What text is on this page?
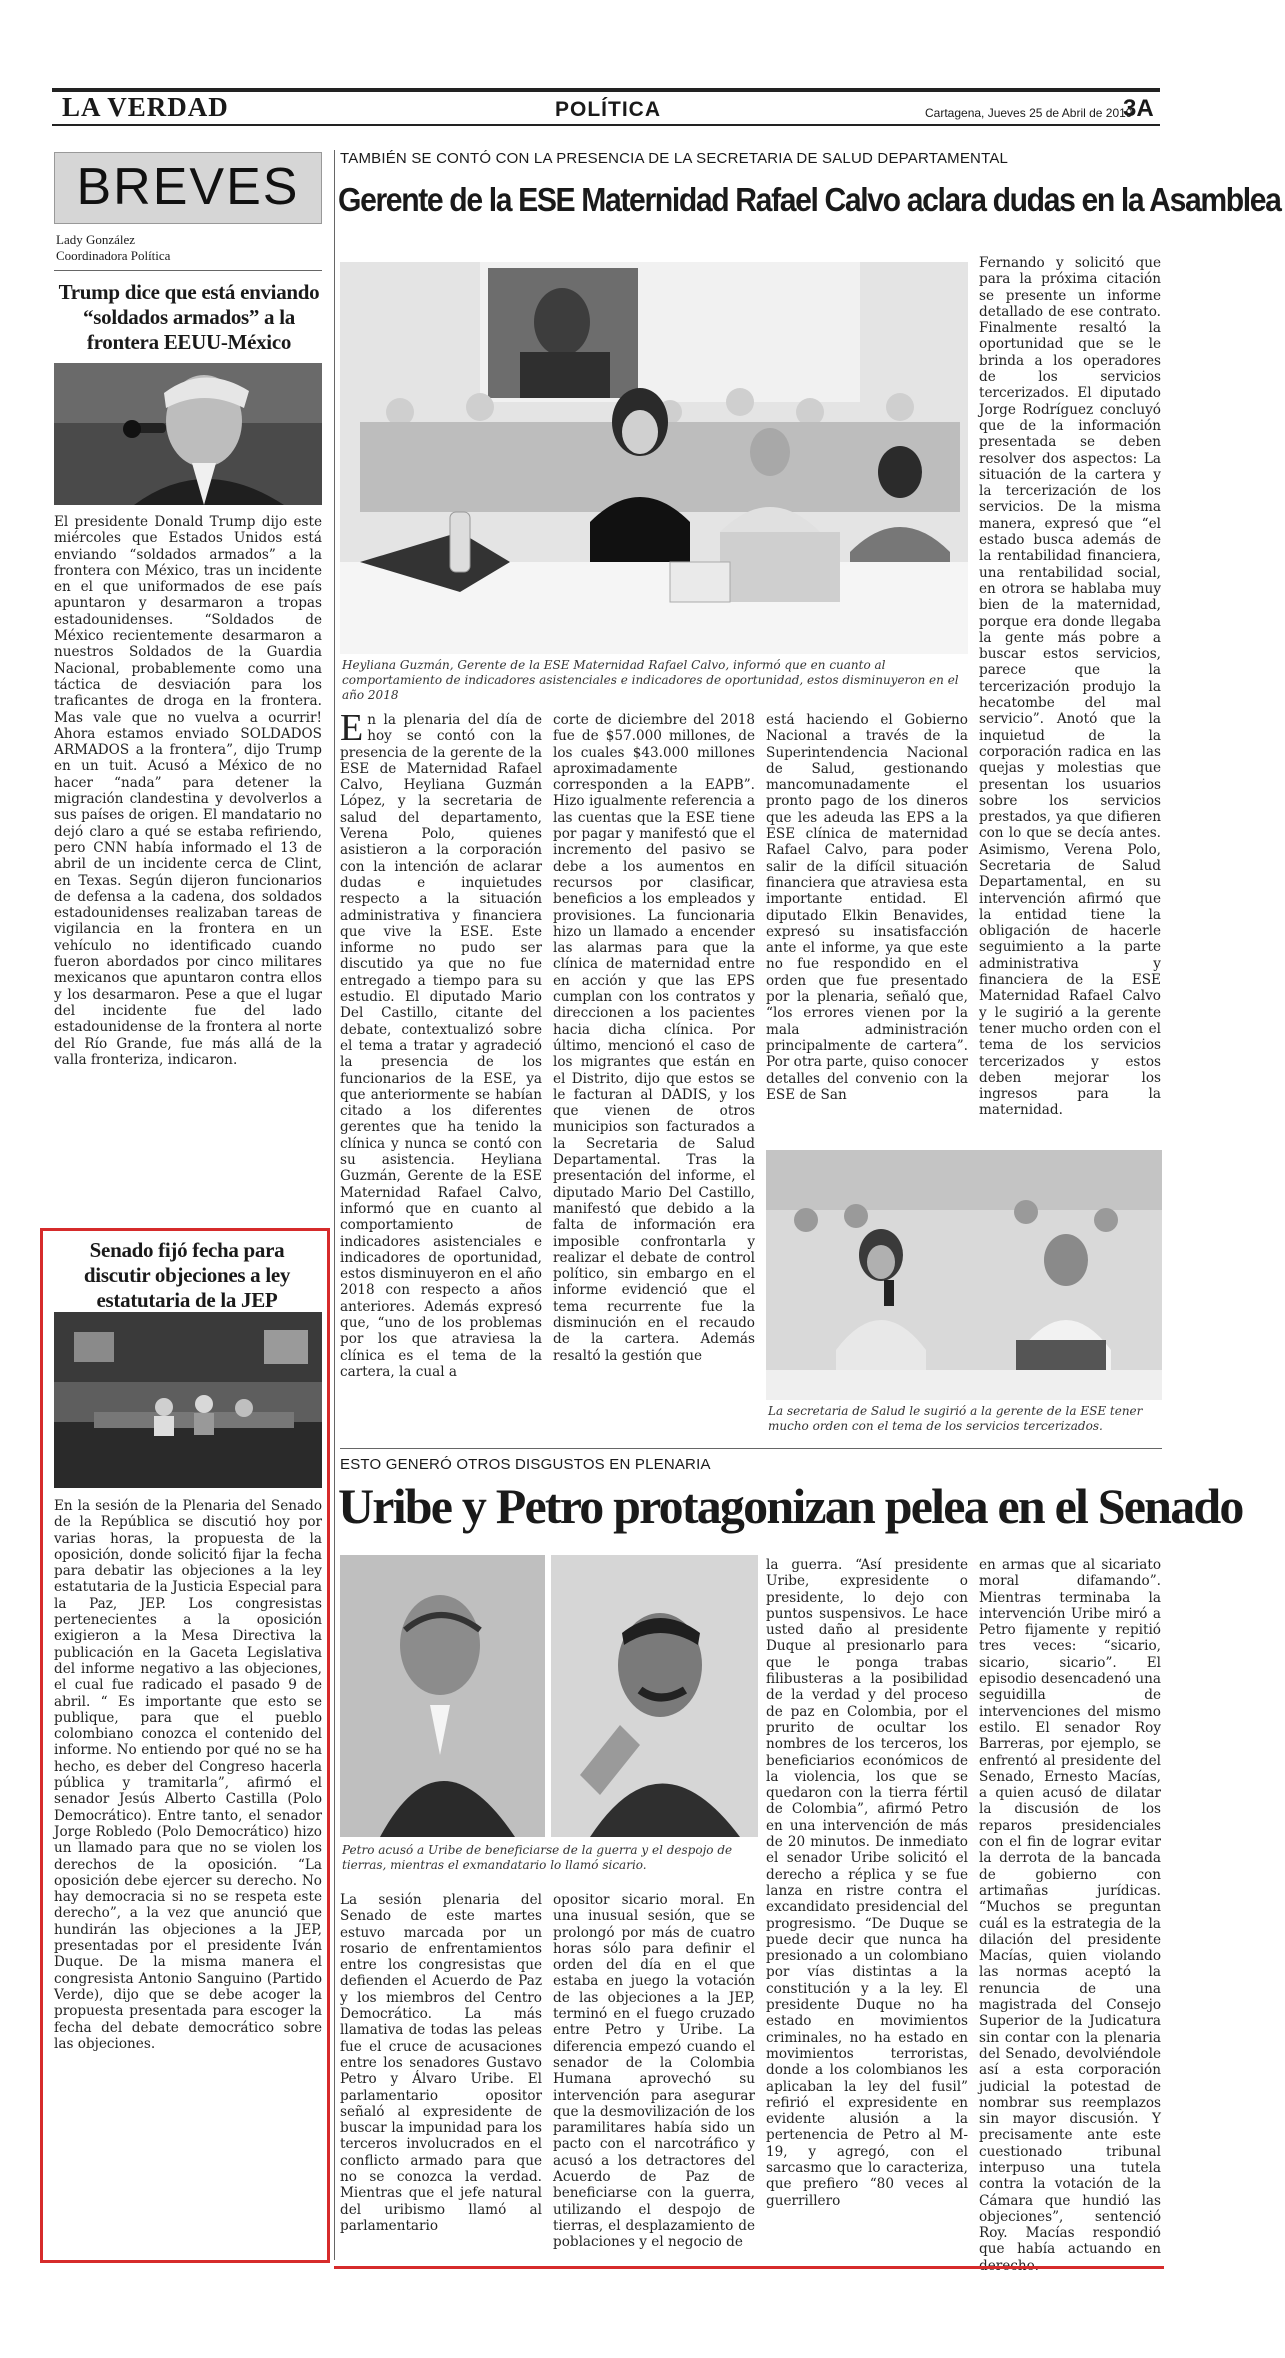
LA VERDAD	POLÍTICA	Cartagena, Jueves 25 de Abril de 2019
3A
BREVES
Lady González
Coordinadora Política
Trump dice que está enviando “soldados armados” a la frontera EEUU-México
El presidente Donald Trump dijo este miércoles que Estados Unidos está enviando “soldados armados” a la frontera con México, tras un incidente en el que uniformados de ese país apuntaron y desarmaron a tropas estadounidenses. “Soldados de México recientemente desarmaron a nuestros Soldados de la Guardia Nacional, probablemente como una táctica de desviación para los traficantes de droga en la frontera. Mas vale que no vuelva a ocurrir! Ahora estamos enviado SOLDADOS ARMADOS a la frontera”, dijo Trump en un tuit. Acusó a México de no hacer “nada” para detener la migración clandestina y devolverlos a sus países de origen. El mandatario no dejó claro a qué se estaba refiriendo, pero CNN había informado el 13 de abril de un incidente cerca de Clint, en Texas. Según dijeron funcionarios de defensa a la cadena, dos soldados estadounidenses realizaban tareas de vigilancia en la frontera en un vehículo no identificado cuando fueron abordados por cinco militares mexicanos que apuntaron contra ellos y los desarmaron. Pese a que el lugar del incidente fue del lado estadounidense de la frontera al norte del Río Grande, fue más allá de la valla fronteriza, indicaron.
Senado fijó fecha para discutir objeciones a ley estatutaria de la JEP
En la sesión de la Plenaria del Senado de la República se discutió hoy por varias horas, la propuesta de la oposición, donde solicitó fijar la fecha para debatir las objeciones a la ley estatutaria de la Justicia Especial para la Paz, JEP. Los congresistas pertenecientes a la oposición exigieron a la Mesa Directiva la publicación en la Gaceta Legislativa del informe negativo a las objeciones, el cual fue radicado el pasado 9 de abril. “ Es importante que esto se publique, para que el pueblo colombiano conozca el contenido del informe. No entiendo por qué no se ha hecho, es deber del Congreso hacerla pública y tramitarla”, afirmó el senador Jesús Alberto Castilla (Polo Democrático). Entre tanto, el senador Jorge Robledo (Polo Democrático) hizo un llamado para que no se violen los derechos de la oposición. “La oposición debe ejercer su derecho. No hay democracia si no se respeta este derecho”, a la vez que anunció que hundirán las objeciones a la JEP, presentadas por el presidente Iván Duque. De la misma manera el congresista Antonio Sanguino (Partido Verde), dijo que se debe acoger la propuesta presentada para escoger la fecha del debate democrático sobre las objeciones.
TAMBIÉN SE CONTÓ CON LA PRESENCIA DE LA SECRETARIA DE SALUD DEPARTAMENTAL
Gerente de la ESE Maternidad Rafael Calvo aclara dudas en la Asamblea
Heyliana Guzmán, Gerente de la ESE Maternidad Rafael Calvo, informó que en cuanto al comportamiento de indicadores asistenciales e indicadores de oportunidad, estos disminuyeron en el año 2018
En la plenaria del día de hoy se contó con la presencia de la gerente de la ESE de Maternidad Rafael Calvo, Heyliana Guzmán López, y la secretaria de salud del departamento, Verena Polo, quienes asistieron a la corporación con la intención de aclarar dudas e inquietudes respecto a la situación administrativa y financiera que vive la ESE. Este informe no pudo ser discutido ya que no fue entregado a tiempo para su estudio. El diputado Mario Del Castillo, citante del debate, contextualizó sobre el tema a tratar y agradeció la presencia de los funcionarios de la ESE, ya que anteriormente se habían citado a los diferentes gerentes que ha tenido la clínica y nunca se contó con su asistencia. Heyliana Guzmán, Gerente de la ESE Maternidad Rafael Calvo, informó que en cuanto al comportamiento de indicadores asistenciales e indicadores de oportunidad, estos disminuyeron en el año 2018 con respecto a años anteriores. Además expresó que, “uno de los problemas por los que atraviesa la clínica es el tema de la cartera, la cual a
corte de diciembre del 2018 fue de $57.000 millones, de los cuales $43.000 millones aproximadamente corresponden a la EAPB”. Hizo igualmente referencia a las cuentas que la ESE tiene por pagar y manifestó que el incremento del pasivo se debe a los aumentos en recursos por clasificar, beneficios a los empleados y provisiones. La funcionaria hizo un llamado a encender las alarmas para que la clínica de maternidad entre en acción y que las EPS cumplan con los contratos y direccionen a los pacientes hacia dicha clínica. Por último, mencionó el caso de los migrantes que están en el Distrito, dijo que estos se le facturan al DADIS, y los que vienen de otros municipios son facturados a la Secretaria de Salud Departamental. Tras la presentación del informe, el diputado Mario Del Castillo, manifestó que debido a la falta de información era imposible confrontarla y realizar el debate de control político, sin embargo en el informe evidenció que el tema recurrente fue la disminución en el recaudo de la cartera. Además resaltó la gestión que
está haciendo el Gobierno Nacional a través de la Superintendencia Nacional de Salud, gestionando mancomunadamente el pronto pago de los dineros que les adeuda las EPS a la ESE clínica de maternidad Rafael Calvo, para poder salir de la difícil situación financiera que atraviesa esta importante entidad. El diputado Elkin Benavides, expresó su insatisfacción ante el informe, ya que este no fue respondido en el orden que fue presentado por la plenaria, señaló que, “los errores vienen por la mala administración principalmente de cartera”. Por otra parte, quiso conocer detalles del convenio con la ESE de San
Fernando y solicitó que para la próxima citación se presente un informe detallado de ese contrato. Finalmente resaltó la oportunidad que se le brinda a los operadores de los servicios tercerizados. El diputado Jorge Rodríguez concluyó que de la información presentada se deben resolver dos aspectos: La situación de la cartera y la tercerización de los servicios. De la misma manera, expresó que “el estado busca además de la rentabilidad financiera, una rentabilidad social, en otrora se hablaba muy bien de la maternidad, porque era donde llegaba la gente más pobre a buscar estos servicios, parece que la tercerización produjo la hecatombe del mal servicio”. Anotó que la inquietud de la corporación radica en las quejas y molestias que presentan los usuarios sobre los servicios prestados, ya que difieren con lo que se decía antes. Asimismo, Verena Polo, Secretaria de Salud Departamental, en su intervención afirmó que la entidad tiene la obligación de hacerle seguimiento a la parte administrativa y financiera de la ESE Maternidad Rafael Calvo y le sugirió a la gerente tener mucho orden con el tema de los servicios tercerizados y estos deben mejorar los ingresos para la maternidad.
La secretaria de Salud le sugirió a la gerente de la ESE tener mucho orden con el tema de los servicios tercerizados.
ESTO GENERÓ OTROS DISGUSTOS EN PLENARIA
Uribe y Petro protagonizan pelea en el Senado
Petro acusó a Uribe de beneficiarse de la guerra y el despojo de tierras, mientras el exmandatario lo llamó sicario.
La sesión plenaria del Senado de este martes estuvo marcada por un rosario de enfrentamientos entre los congresistas que defienden el Acuerdo de Paz y los miembros del Centro Democrático. La más llamativa de todas las peleas fue el cruce de acusaciones entre los senadores Gustavo Petro y Álvaro Uribe. El parlamentario opositor señaló al expresidente de buscar la impunidad para los terceros involucrados en el conflicto armado para que no se conozca la verdad. Mientras que el jefe natural del uribismo llamó al parlamentario
opositor sicario moral. En una inusual sesión, que se prolongó por más de cuatro horas sólo para definir el orden del día en el que estaba en juego la votación de las objeciones a la JEP, terminó en el fuego cruzado entre Petro y Uribe. La diferencia empezó cuando el senador de la Colombia Humana aprovechó su intervención para asegurar que la desmovilización de los paramilitares había sido un pacto con el narcotráfico y acusó a los detractores del Acuerdo de Paz de beneficiarse con la guerra, utilizando el despojo de tierras, el desplazamiento de poblaciones y el negocio de
la guerra. “Así presidente Uribe, expresidente o presidente, lo dejo con puntos suspensivos. Le hace usted daño al presidente Duque al presionarlo para que le ponga trabas filibusteras a la posibilidad de la verdad y del proceso de paz en Colombia, por el prurito de ocultar los nombres de los terceros, los beneficiarios económicos de la violencia, los que se quedaron con la tierra fértil de Colombia”, afirmó Petro en una intervención de más de 20 minutos. De inmediato el senador Uribe solicitó el derecho a réplica y se fue lanza en ristre contra el excandidato presidencial del progresismo. “De Duque se puede decir que nunca ha presionado a un colombiano por vías distintas a la constitución y a la ley. El presidente Duque no ha estado en movimientos criminales, no ha estado en movimientos terroristas, donde a los colombianos les aplicaban la ley del fusil” refirió el expresidente en evidente alusión a la pertenencia de Petro al M-19, y agregó, con el sarcasmo que lo caracteriza, que prefiero “80 veces al guerrillero
en armas que al sicariato moral difamando”. Mientras terminaba la intervención Uribe miró a Petro fijamente y repitió tres veces: “sicario, sicario, sicario”. El episodio desencadenó una seguidilla de intervenciones del mismo estilo. El senador Roy Barreras, por ejemplo, se enfrentó al presidente del Senado, Ernesto Macías, a quien acusó de dilatar la discusión de los reparos presidenciales con el fin de lograr evitar la derrota de la bancada de gobierno con artimañas jurídicas. “Muchos se preguntan cuál es la estrategia de la dilación del presidente Macías, quien violando las normas aceptó la renuncia de una magistrada del Consejo Superior de la Judicatura sin contar con la plenaria del Senado, devolviéndole así a esta corporación judicial la potestad de nombrar sus reemplazos sin mayor discusión. Y precisamente ante este cuestionado tribunal interpuso una tutela contra la votación de la Cámara que hundió las objeciones”, sentenció Roy. Macías respondió que había actuando en
